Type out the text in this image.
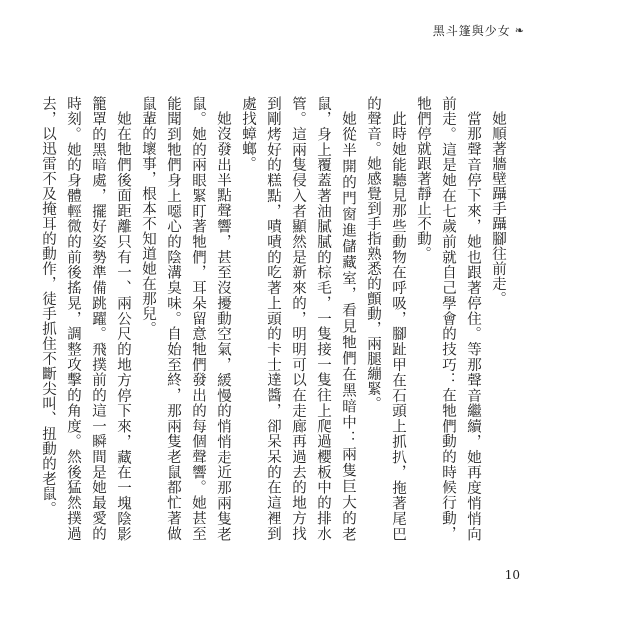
黑斗篷與少女 ❧

她順著牆壁躡手躡腳往前走。

當那聲音停下來，她也跟著停住。等那聲音繼續，她再度悄悄向前走。這是她在七歲前就自己學會的技巧：在牠們動的時候行動，牠們停就跟著靜止不動。

此時她能聽見那些動物在呼吸，腳趾甲在石頭上抓扒，拖著尾巴的聲音。她感覺到手指熟悉的顫動，兩腿繃緊。

她從半開的門窗進儲藏室，看見牠們在黑暗中：兩隻巨大的老鼠，身上覆蓋著油膩膩的棕毛，一隻接一隻往上爬過櫻板中的排水管。這兩隻侵入者顯然是新來的，明明可以在走廊再過去的地方找到剛烤好的糕點，嘖嘖的吃著上頭的卡士達醬，卻呆呆的在這裡到處找蟑螂。

她沒發出半點聲響，甚至沒擾動空氣，緩慢的悄悄走近那兩隻老鼠。她的兩眼緊盯著牠們，耳朵留意牠們發出的每個聲響。她甚至能聞到牠們身上噁心的陰溝臭味。自始至終，那兩隻老鼠都忙著做鼠輩的壞事，根本不知道她在那兒。

她在牠們後面距離只有一、兩公尺的地方停下來，藏在一塊陰影籠罩的黑暗處，擺好姿勢準備跳躍。飛撲前的這一瞬間是她最愛的時刻。她的身體輕微的前後搖晃，調整攻擊的角度。然後猛然撲過去，以迅雷不及掩耳的動作，徒手抓住不斷尖叫、扭動的老鼠。

10
